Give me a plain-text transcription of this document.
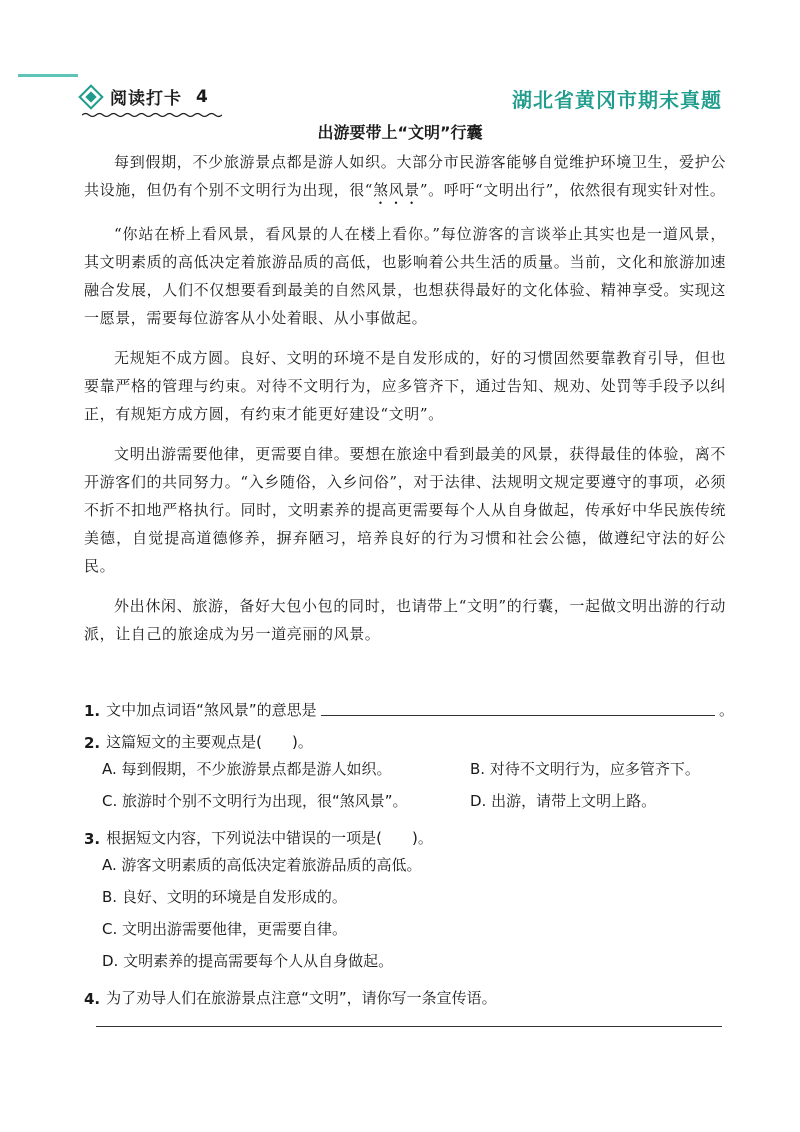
阅读打卡 4	湖北省黄冈市期末真题
出游要带上“文明”行囊

每到假期，不少旅游景点都是游人如织。大部分市民游客能够自觉维护环境卫生，爱护公共设施，但仍有个别不文明行为出现，很“煞风景”。呼吁“文明出行”，依然很有现实针对性。

“你站在桥上看风景，看风景的人在楼上看你。”每位游客的言谈举止其实也是一道风景，其文明素质的高低决定着旅游品质的高低，也影响着公共生活的质量。当前，文化和旅游加速融合发展，人们不仅想要看到最美的自然风景，也想获得最好的文化体验、精神享受。实现这一愿景，需要每位游客从小处着眼、从小事做起。

无规矩不成方圆。良好、文明的环境不是自发形成的，好的习惯固然要靠教育引导，但也要靠严格的管理与约束。对待不文明行为，应多管齐下，通过告知、规劝、处罚等手段予以纠正，有规矩方成方圆，有约束才能更好建设“文明”。

文明出游需要他律，更需要自律。要想在旅途中看到最美的风景，获得最佳的体验，离不开游客们的共同努力。“入乡随俗，入乡问俗”，对于法律、法规明文规定要遵守的事项，必须不折不扣地严格执行。同时，文明素养的提高更需要每个人从自身做起，传承好中华民族传统美德，自觉提高道德修养，摒弃陋习，培养良好的行为习惯和社会公德，做遵纪守法的好公民。

外出休闲、旅游，备好大包小包的同时，也请带上“文明”的行囊，一起做文明出游的行动派，让自己的旅途成为另一道亮丽的风景。

1. 文中加点词语“煞风景”的意思是	。
2. 这篇短文的主要观点是(　　)。
A. 每到假期，不少旅游景点都是游人如织。	B. 对待不文明行为，应多管齐下。
C. 旅游时个别不文明行为出现，很“煞风景”。	D. 出游，请带上文明上路。
3. 根据短文内容，下列说法中错误的一项是(　　)。
A. 游客文明素质的高低决定着旅游品质的高低。
B. 良好、文明的环境是自发形成的。
C. 文明出游需要他律，更需要自律。
D. 文明素养的提高需要每个人从自身做起。
4. 为了劝导人们在旅游景点注意“文明”，请你写一条宣传语。
